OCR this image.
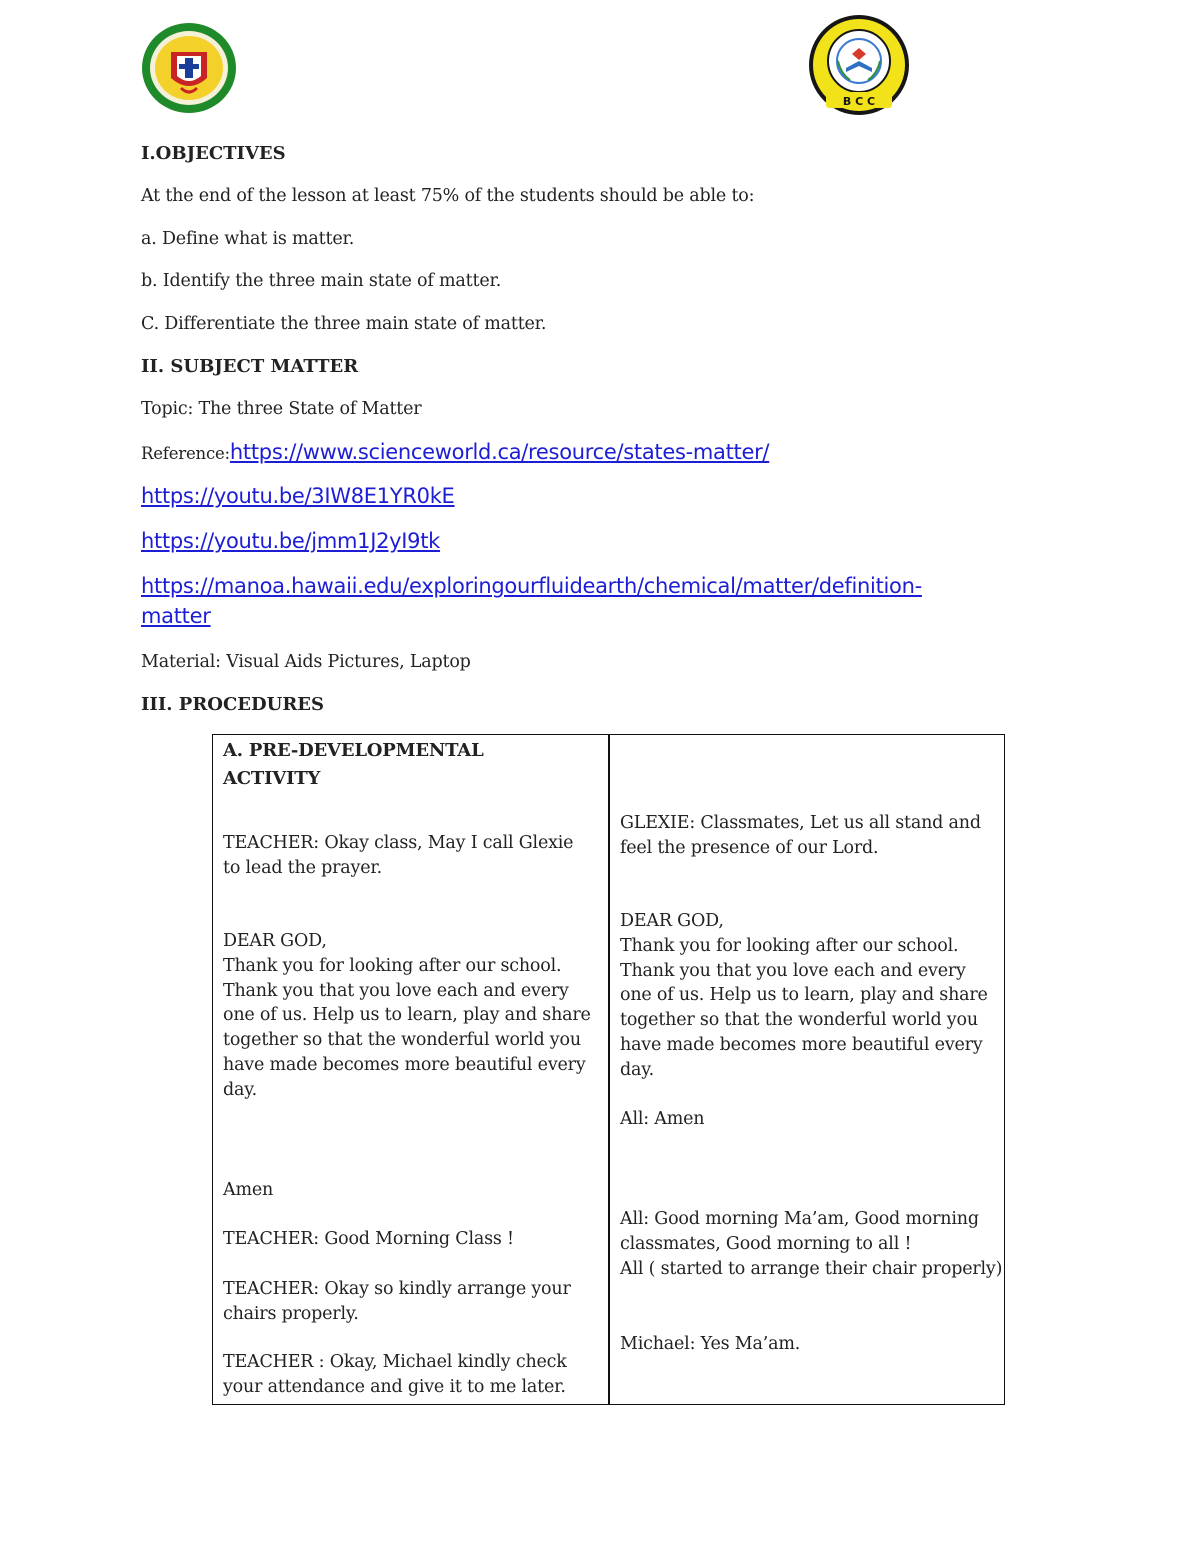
B C C
I.OBJECTIVES
At the end of the lesson at least 75% of the students should be able to:
a. Define what is matter.
b. Identify the three main state of matter.
C. Differentiate the three main state of matter.
II. SUBJECT MATTER
Topic: The three State of Matter
Reference:https://www.scienceworld.ca/resource/states-matter/
https://youtu.be/3IW8E1YR0kE
https://youtu.be/jmm1J2yI9tk
https://manoa.hawaii.edu/exploringourfluidearth/chemical/matter/definition-
matter
Material: Visual Aids Pictures, Laptop
III. PROCEDURES
A. PRE-DEVELOPMENTAL
ACTIVITY
TEACHER: Okay class, May I call Glexie
to lead the prayer.
DEAR GOD,
Thank you for looking after our school.
Thank you that you love each and every
one of us. Help us to learn, play and share
together so that the wonderful world you
have made becomes more beautiful every
day.
Amen
TEACHER: Good Morning Class !
TEACHER: Okay so kindly arrange your
chairs properly.
TEACHER : Okay, Michael kindly check
your attendance and give it to me later.
GLEXIE: Classmates, Let us all stand and
feel the presence of our Lord.
DEAR GOD,
Thank you for looking after our school.
Thank you that you love each and every
one of us. Help us to learn, play and share
together so that the wonderful world you
have made becomes more beautiful every
day.
All: Amen
All: Good morning Ma’am, Good morning
classmates, Good morning to all !
All ( started to arrange their chair properly)
Michael: Yes Ma’am.
